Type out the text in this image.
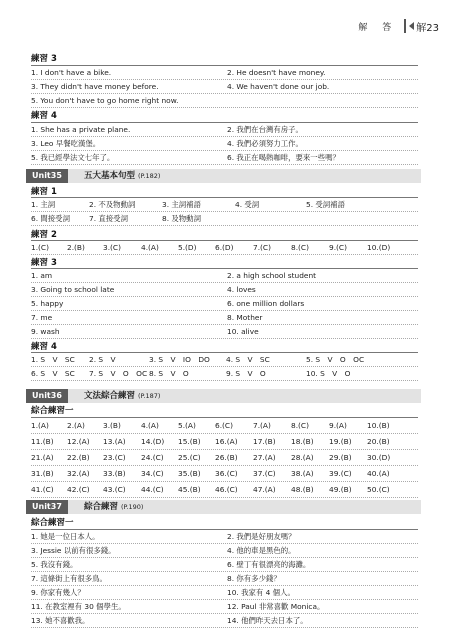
解 答 解23
練習 3
1. I don't have a bike.	2. He doesn't have money.
3. They didn't have money before.	4. We haven't done our job.
5. You don't have to go home right now.
練習 4
1. She has a private plane.	2. 我們在台灣有房子。
3. Leo 早餐吃漢堡。	4. 我們必須努力工作。
5. 我已經學法文七年了。	6. 我正在喝熱咖啡，要來一些嗎？
Unit35	五大基本句型 (P.182)
練習 1
1. 主詞	2. 不及物動詞	3. 主詞補語	4. 受詞	5. 受詞補語
6. 間接受詞	7. 直接受詞	8. 及物動詞
練習 2
1.(C) 2.(B) 3.(C)	4.(A)	5.(D) 6.(D)	7.(C)	8.(C)	9.(C)	10.(D)
練習 3
1. am	2. a high school student
3. Going to school late	4. loves
5. happy	6. one million dollars
7. me	8. Mother
9. wash	10. alive
練習 4
1. S　V　SC 2. S　V	3. S　V　IO　DO 4. S　V　SC	5. S　V　O　OC
6. S　V　SC 7. S　V　O　OC 8. S　V　O	9. S　V　O	10. S　V　O
Unit36	文法綜合練習 (P.187)
綜合練習一
1.(A) 2.(A) 3.(B)	4.(A)	5.(A)	6.(C)	7.(A)	8.(C)	9.(A)	10.(B)
11.(B) 12.(A) 13.(A) 14.(D) 15.(B) 16.(A) 17.(B) 18.(B) 19.(B) 20.(B)
21.(A) 22.(B) 23.(C) 24.(C) 25.(C) 26.(B) 27.(A) 28.(A) 29.(B) 30.(D)
31.(B) 32.(A) 33.(B) 34.(C) 35.(B) 36.(C) 37.(C) 38.(A) 39.(C) 40.(A)
41.(C) 42.(C) 43.(C) 44.(C) 45.(B) 46.(C) 47.(A) 48.(B) 49.(B) 50.(C)
Unit37	綜合練習 (P.190)
綜合練習一
1. 她是一位日本人。	2. 我們是好朋友嗎？
3. Jessie 以前有很多錢。	4. 他的車是黑色的。
5. 我沒有錢。	6. 壁丁有很漂亮的海灘。
7. 這條街上有很多鳥。	8. 你有多少錢？
9. 你家有幾人？	10. 我家有 4 個人。
11. 在教室裡有 30 個學生。	12. Paul 非常喜歡 Monica。
13. 她不喜歡我。	14. 他們昨天去日本了。
